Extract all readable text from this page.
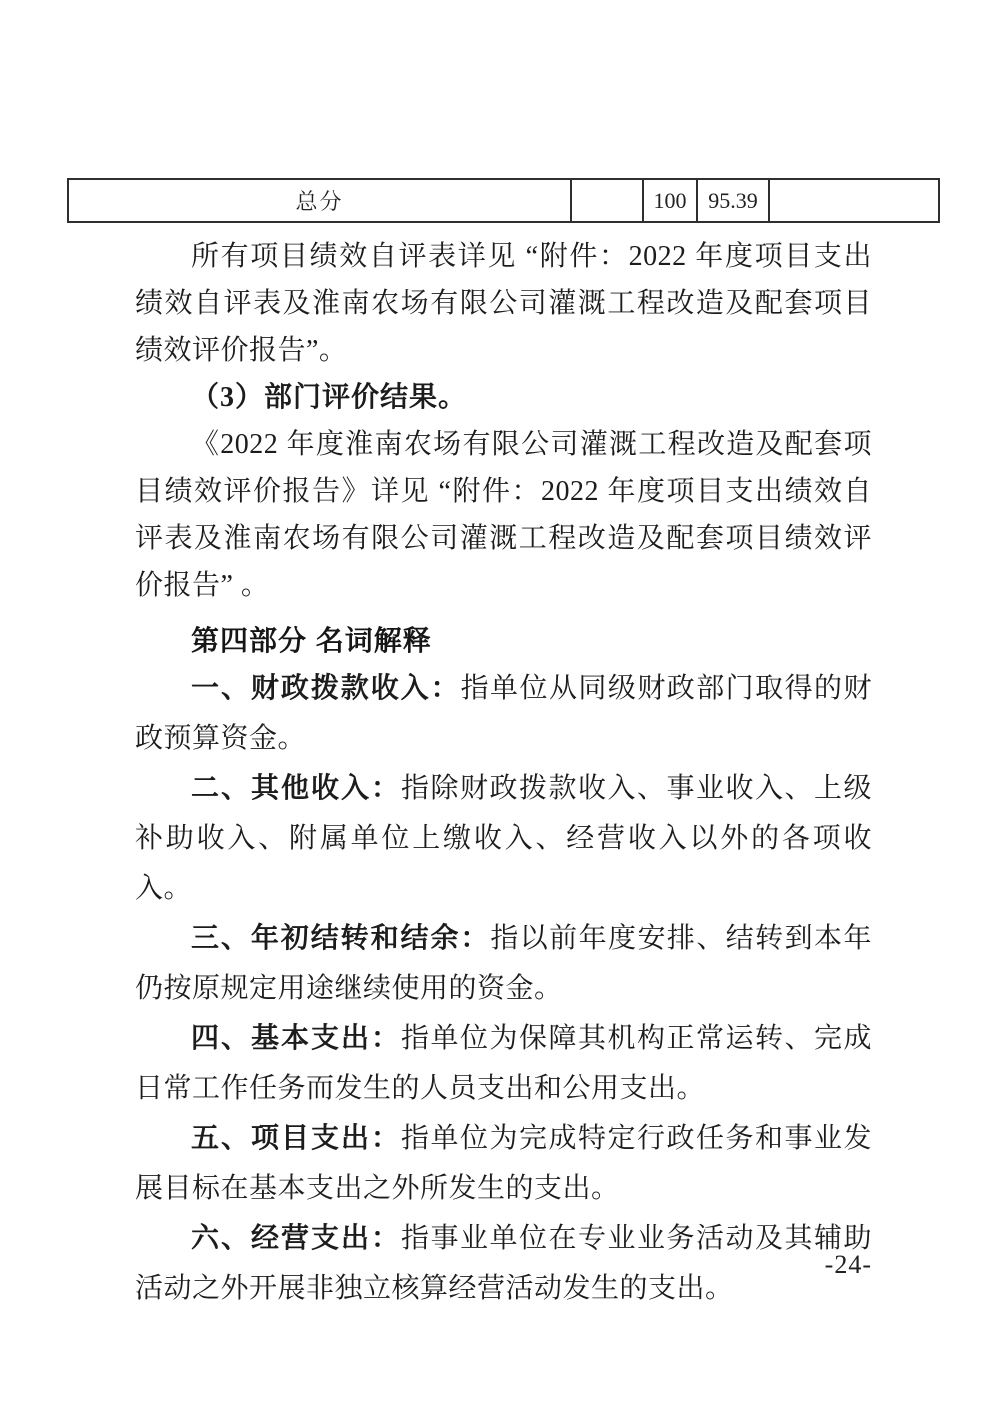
总分		100	95.39	

所有项目绩效自评表详见 “附件：2022 年度项目支出绩效自评表及淮南农场有限公司灌溉工程改造及配套项目绩效评价报告”。

（3）部门评价结果。

《2022 年度淮南农场有限公司灌溉工程改造及配套项目绩效评价报告》详见 “附件：2022 年度项目支出绩效自评表及淮南农场有限公司灌溉工程改造及配套项目绩效评价报告” 。

第四部分 名词解释

一、财政拨款收入：指单位从同级财政部门取得的财政预算资金。

二、其他收入：指除财政拨款收入、事业收入、上级补助收入、附属单位上缴收入、经营收入以外的各项收入。

三、年初结转和结余：指以前年度安排、结转到本年仍按原规定用途继续使用的资金。

四、基本支出：指单位为保障其机构正常运转、完成日常工作任务而发生的人员支出和公用支出。

五、项目支出：指单位为完成特定行政任务和事业发展目标在基本支出之外所发生的支出。

六、经营支出：指事业单位在专业业务活动及其辅助活动之外开展非独立核算经营活动发生的支出。

-24-
